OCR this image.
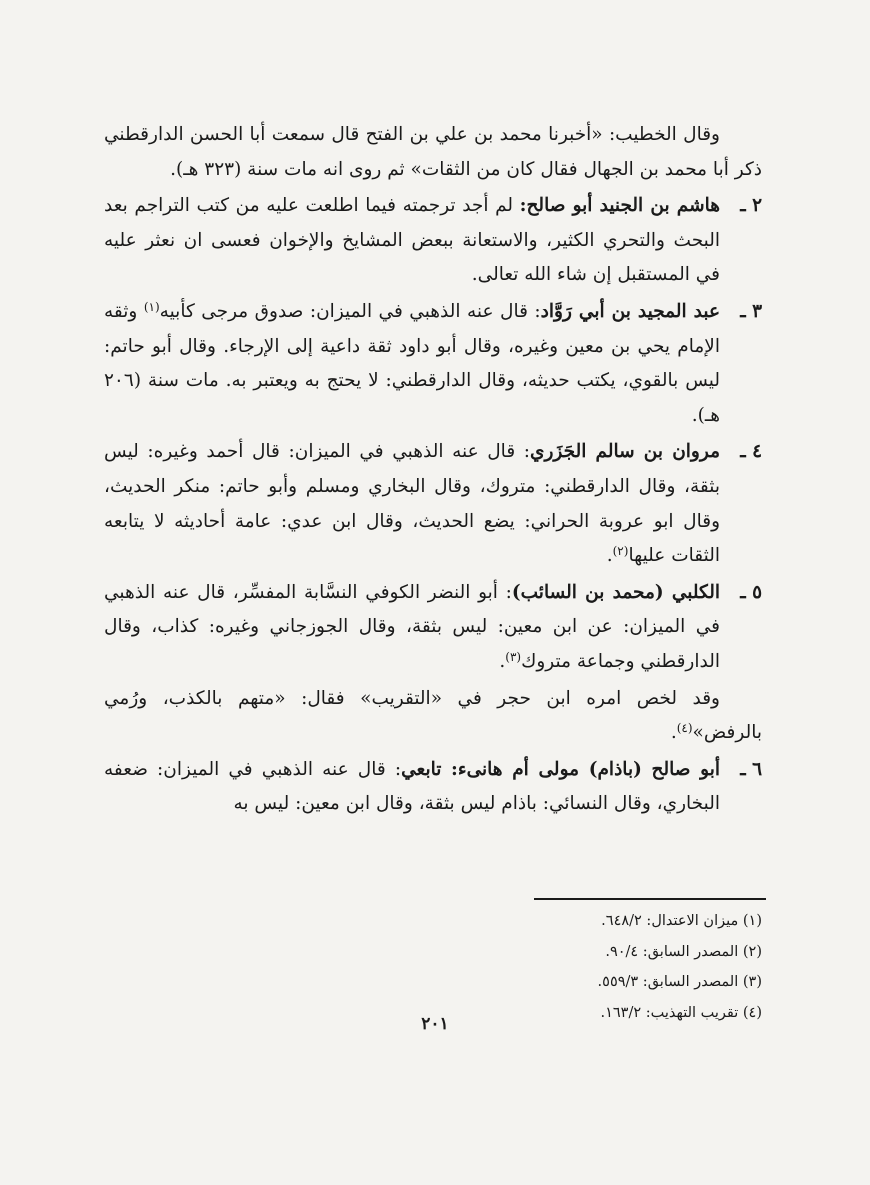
وقال الخطيب: «أخبرنا محمد بن علي بن الفتح قال سمعت أبا الحسن الدارقطني ذكر أبا محمد بن الجهال فقال كان من الثقات» ثم روى انه مات سنة (٣٢٣ هـ).
٢ ـ
هاشم بن الجنيد أبو صالح: لم أجد ترجمته فيما اطلعت عليه من كتب التراجم بعد البحث والتحري الكثير، والاستعانة ببعض المشايخ والإخوان فعسى ان نعثر عليه في المستقبل إن شاء الله تعالى.
٣ ـ
عبد المجيد بن أبي رَوَّاد: قال عنه الذهبي في الميزان: صدوق مرجى كأبيه$^{(١)}$ وثقه الإمام يحي بن معين وغيره، وقال أبو داود ثقة داعية إلى الإرجاء. وقال أبو حاتم: ليس بالقوي، يكتب حديثه، وقال الدارقطني: لا يحتج به ويعتبر به. مات سنة (٢٠٦ هـ).
٤ ـ
مروان بن سالم الجَزَري: قال عنه الذهبي في الميزان: قال أحمد وغيره: ليس بثقة، وقال الدارقطني: متروك، وقال البخاري ومسلم وأبو حاتم: منكر الحديث، وقال ابو عروبة الحراني: يضع الحديث، وقال ابن عدي: عامة أحاديثه لا يتابعه الثقات عليها$^{(٢)}$.
٥ ـ
الكلبي (محمد بن السائب): أبو النضر الكوفي النسَّابة المفسِّر، قال عنه الذهبي في الميزان: عن ابن معين: ليس بثقة، وقال الجوزجاني وغيره: كذاب، وقال الدارقطني وجماعة متروك$^{(٣)}$.
وقد لخص امره ابن حجر في «التقريب» فقال: «متهم بالكذب، ورُمي بالرفض»$^{(٤)}$.
٦ ـ
أبو صالح (باذام) مولى أم هانىء: تابعي: قال عنه الذهبي في الميزان: ضعفه البخاري، وقال النسائي: باذام ليس بثقة، وقال ابن معين: ليس به
(١) ميزان الاعتدال: ٦٤٨/٢.
(٢) المصدر السابق: ٩٠/٤.
(٣) المصدر السابق: ٥٥٩/٣.
(٤) تقريب التهذيب: ١٦٣/٢.
٢٠١
